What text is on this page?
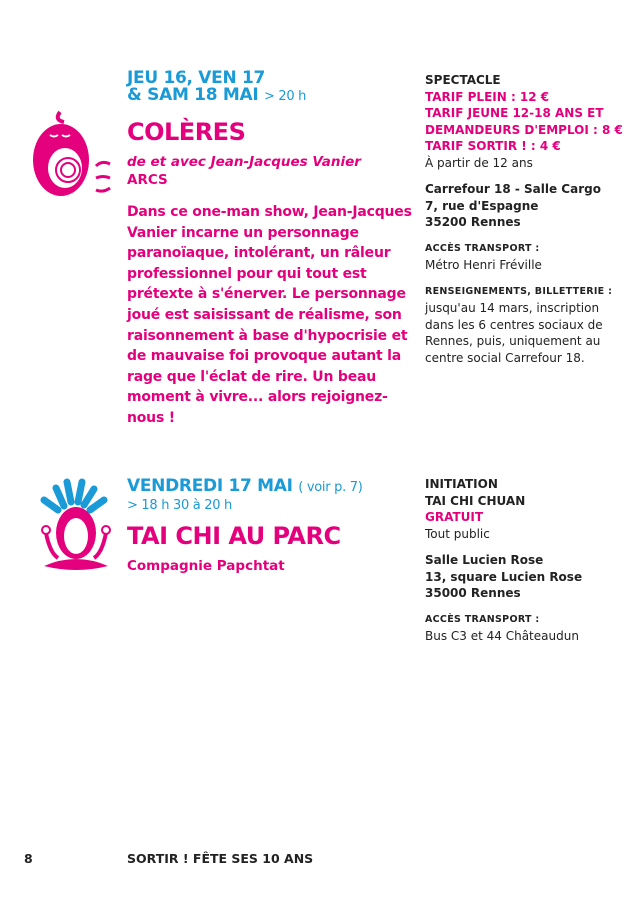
JEU 16, VEN 17
& SAM 18 MAI > 20 h
COLÈRES
de et avec Jean-Jacques Vanier
ARCS
Dans ce one-man show, Jean-Jacques Vanier incarne un personnage paranoïaque, intolérant, un râleur professionnel pour qui tout est prétexte à s'énerver. Le personnage joué est saisissant de réalisme, son raisonnement à base d'hypocrisie et de mauvaise foi provoque autant la rage que l'éclat de rire. Un beau moment à vivre... alors rejoignez-nous !
SPECTACLE
TARIF PLEIN : 12 €
TARIF JEUNE 12-18 ANS ET DEMANDEURS D'EMPLOI : 8 €
TARIF SORTIR ! : 4 €
À partir de 12 ans
Carrefour 18 - Salle Cargo
7, rue d'Espagne
35200 Rennes
ACCÈS TRANSPORT :
Métro Henri Fréville
RENSEIGNEMENTS, BILLETTERIE :
jusqu'au 14 mars, inscription dans les 6 centres sociaux de Rennes, puis, uniquement au centre social Carrefour 18.
VENDREDI 17 MAI ( voir p. 7)
> 18 h 30 à 20 h
TAI CHI AU PARC
Compagnie Papchtat
INITIATION
TAI CHI CHUAN
GRATUIT
Tout public
Salle Lucien Rose
13, square Lucien Rose
35000 Rennes
ACCÈS TRANSPORT :
Bus C3 et 44 Châteaudun
8	SORTIR ! FÊTE SES 10 ANS
